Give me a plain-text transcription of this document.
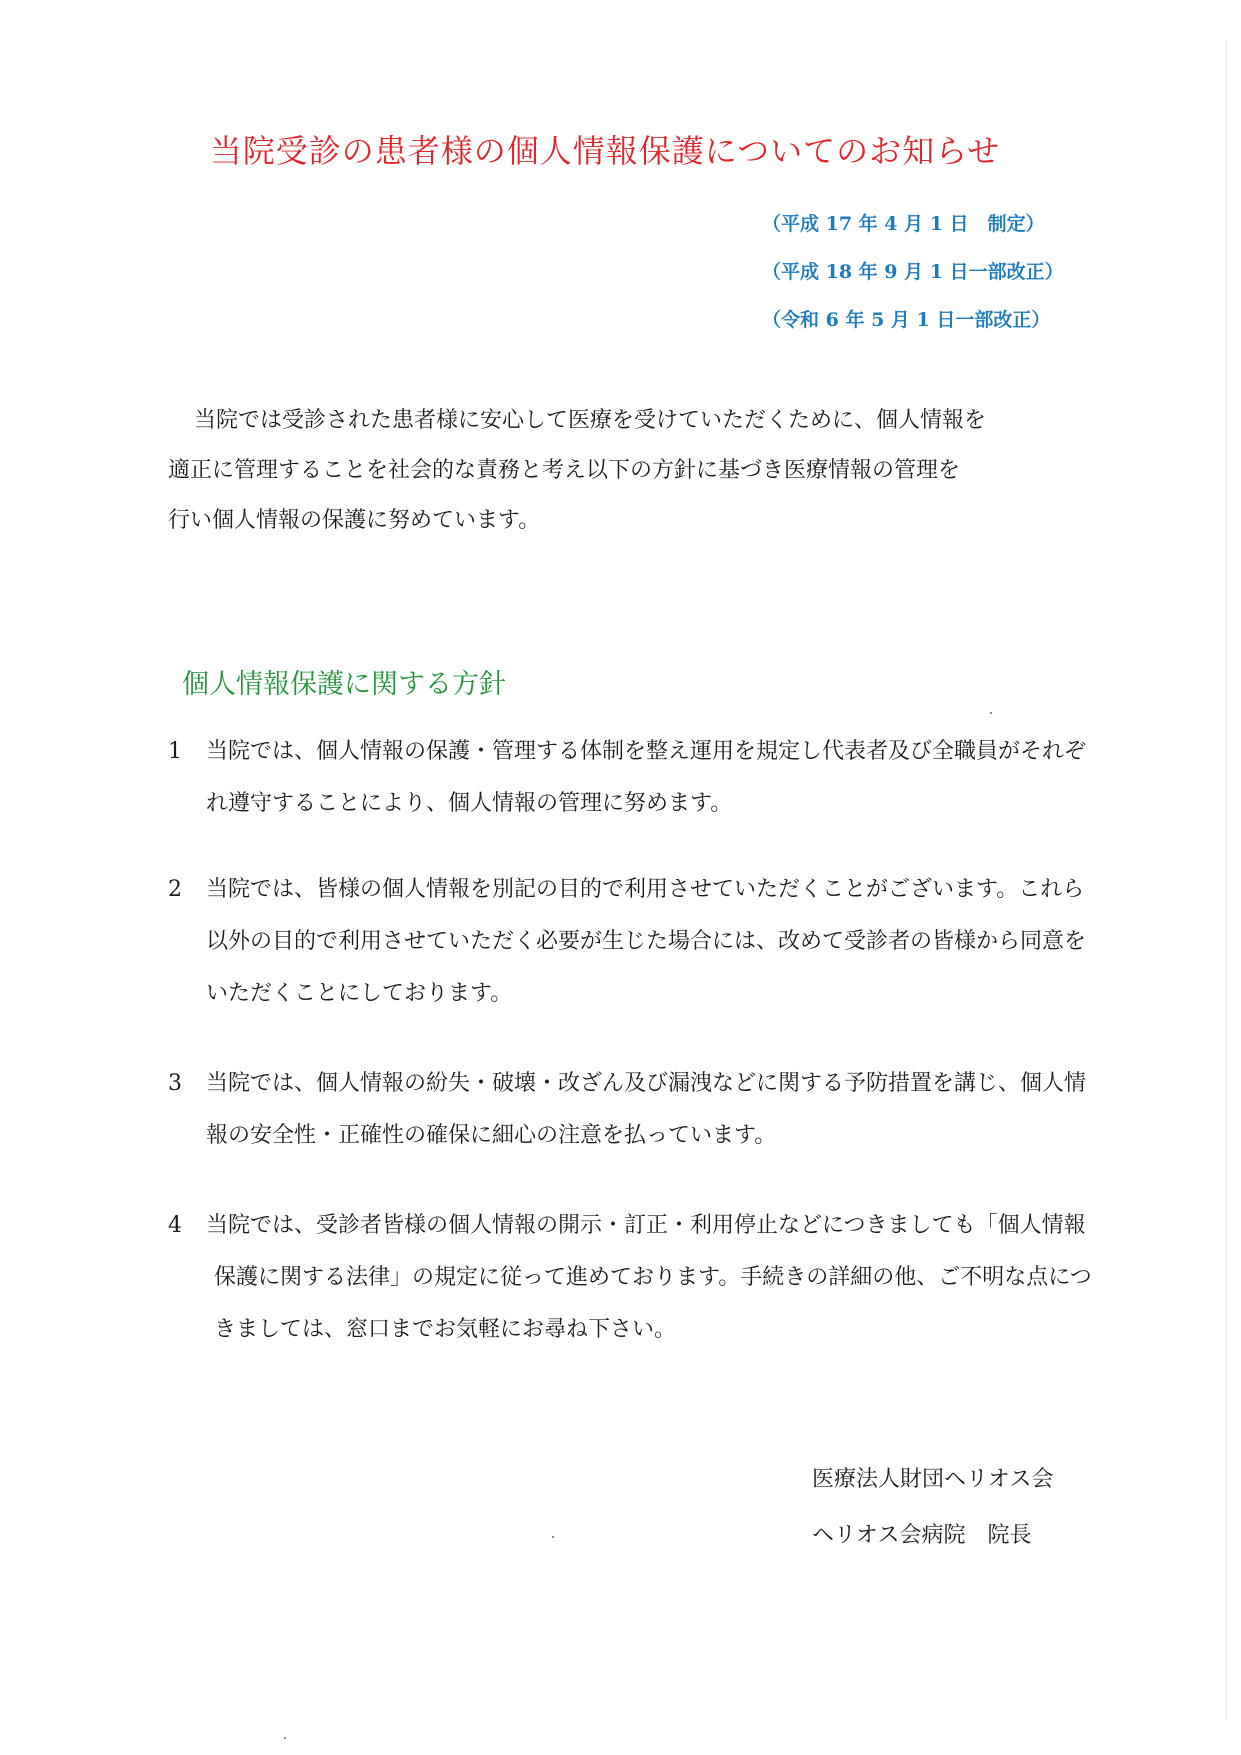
当院受診の患者様の個人情報保護についてのお知らせ
（平成 17 年 4 月 1 日　制定）
（平成 18 年 9 月 1 日一部改正）
（令和 6 年 5 月 1 日一部改正）
当院では受診された患者様に安心して医療を受けていただくために、個人情報を
適正に管理することを社会的な責務と考え以下の方針に基づき医療情報の管理を
行い個人情報の保護に努めています。
個人情報保護に関する方針
1	当院では、個人情報の保護・管理する体制を整え運用を規定し代表者及び全職員がそれぞ
れ遵守することにより、個人情報の管理に努めます。
2	当院では、皆様の個人情報を別記の目的で利用させていただくことがございます。これら
以外の目的で利用させていただく必要が生じた場合には、改めて受診者の皆様から同意を
いただくことにしております。
3	当院では、個人情報の紛失・破壊・改ざん及び漏洩などに関する予防措置を講じ、個人情
報の安全性・正確性の確保に細心の注意を払っています。
4	当院では、受診者皆様の個人情報の開示・訂正・利用停止などにつきましても「個人情報
保護に関する法律」の規定に従って進めております。手続きの詳細の他、ご不明な点につ
きましては、窓口までお気軽にお尋ね下さい。
医療法人財団ヘリオス会
ヘリオス会病院　院長
